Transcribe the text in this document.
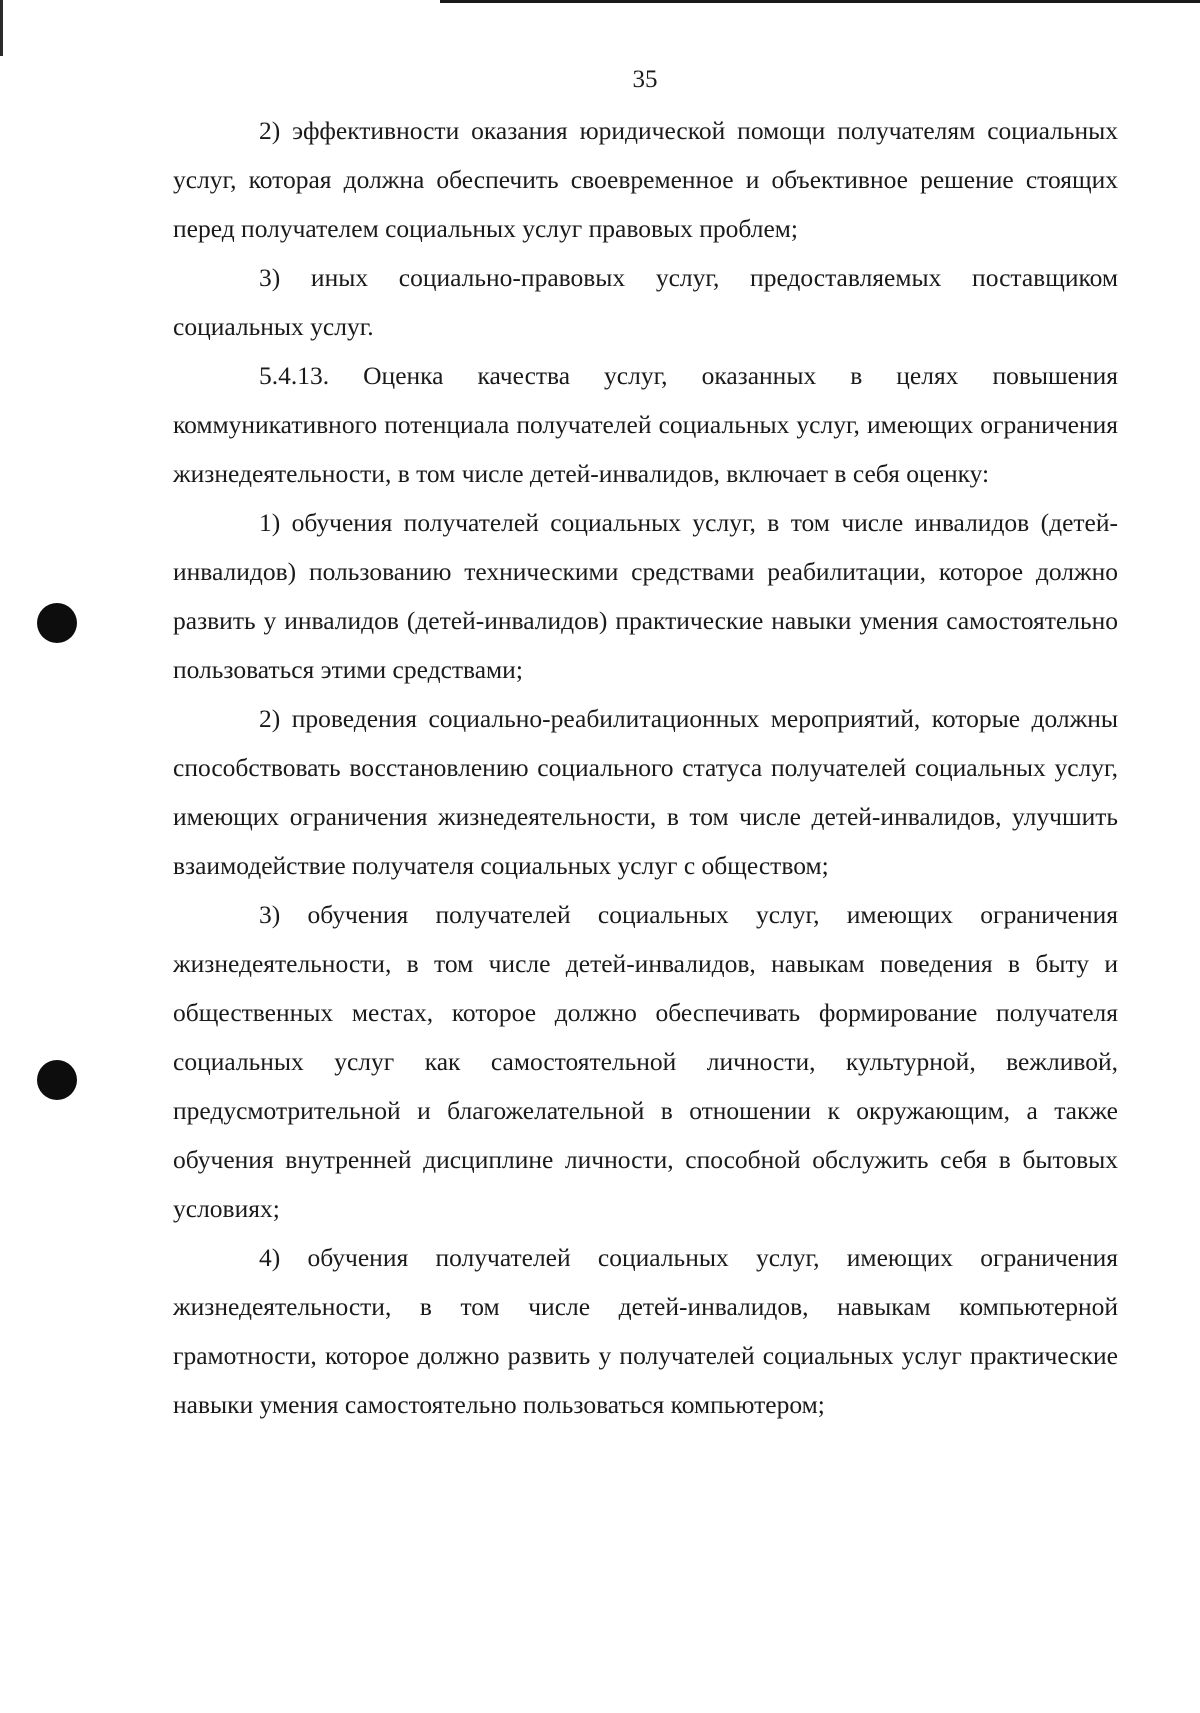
35

2) эффективности оказания юридической помощи получателям социальных услуг, которая должна обеспечить своевременное и объективное решение стоящих перед получателем социальных услуг правовых проблем;

3) иных социально-правовых услуг, предоставляемых поставщиком социальных услуг.

5.4.13. Оценка качества услуг, оказанных в целях повышения коммуникативного потенциала получателей социальных услуг, имеющих ограничения жизнедеятельности, в том числе детей-инвалидов, включает в себя оценку:

1) обучения получателей социальных услуг, в том числе инвалидов (детей-инвалидов) пользованию техническими средствами реабилитации, которое должно развить у инвалидов (детей-инвалидов) практические навыки умения самостоятельно пользоваться этими средствами;

2) проведения социально-реабилитационных мероприятий, которые должны способствовать восстановлению социального статуса получателей социальных услуг, имеющих ограничения жизнедеятельности, в том числе детей-инвалидов, улучшить взаимодействие получателя социальных услуг с обществом;

3) обучения получателей социальных услуг, имеющих ограничения жизнедеятельности, в том числе детей-инвалидов, навыкам поведения в быту и общественных местах, которое должно обеспечивать формирование получателя социальных услуг как самостоятельной личности, культурной, вежливой, предусмотрительной и благожелательной в отношении к окружающим, а также обучения внутренней дисциплине личности, способной обслужить себя в бытовых условиях;

4) обучения получателей социальных услуг, имеющих ограничения жизнедеятельности, в том числе детей-инвалидов, навыкам компьютерной грамотности, которое должно развить у получателей социальных услуг практические навыки умения самостоятельно пользоваться компьютером;
